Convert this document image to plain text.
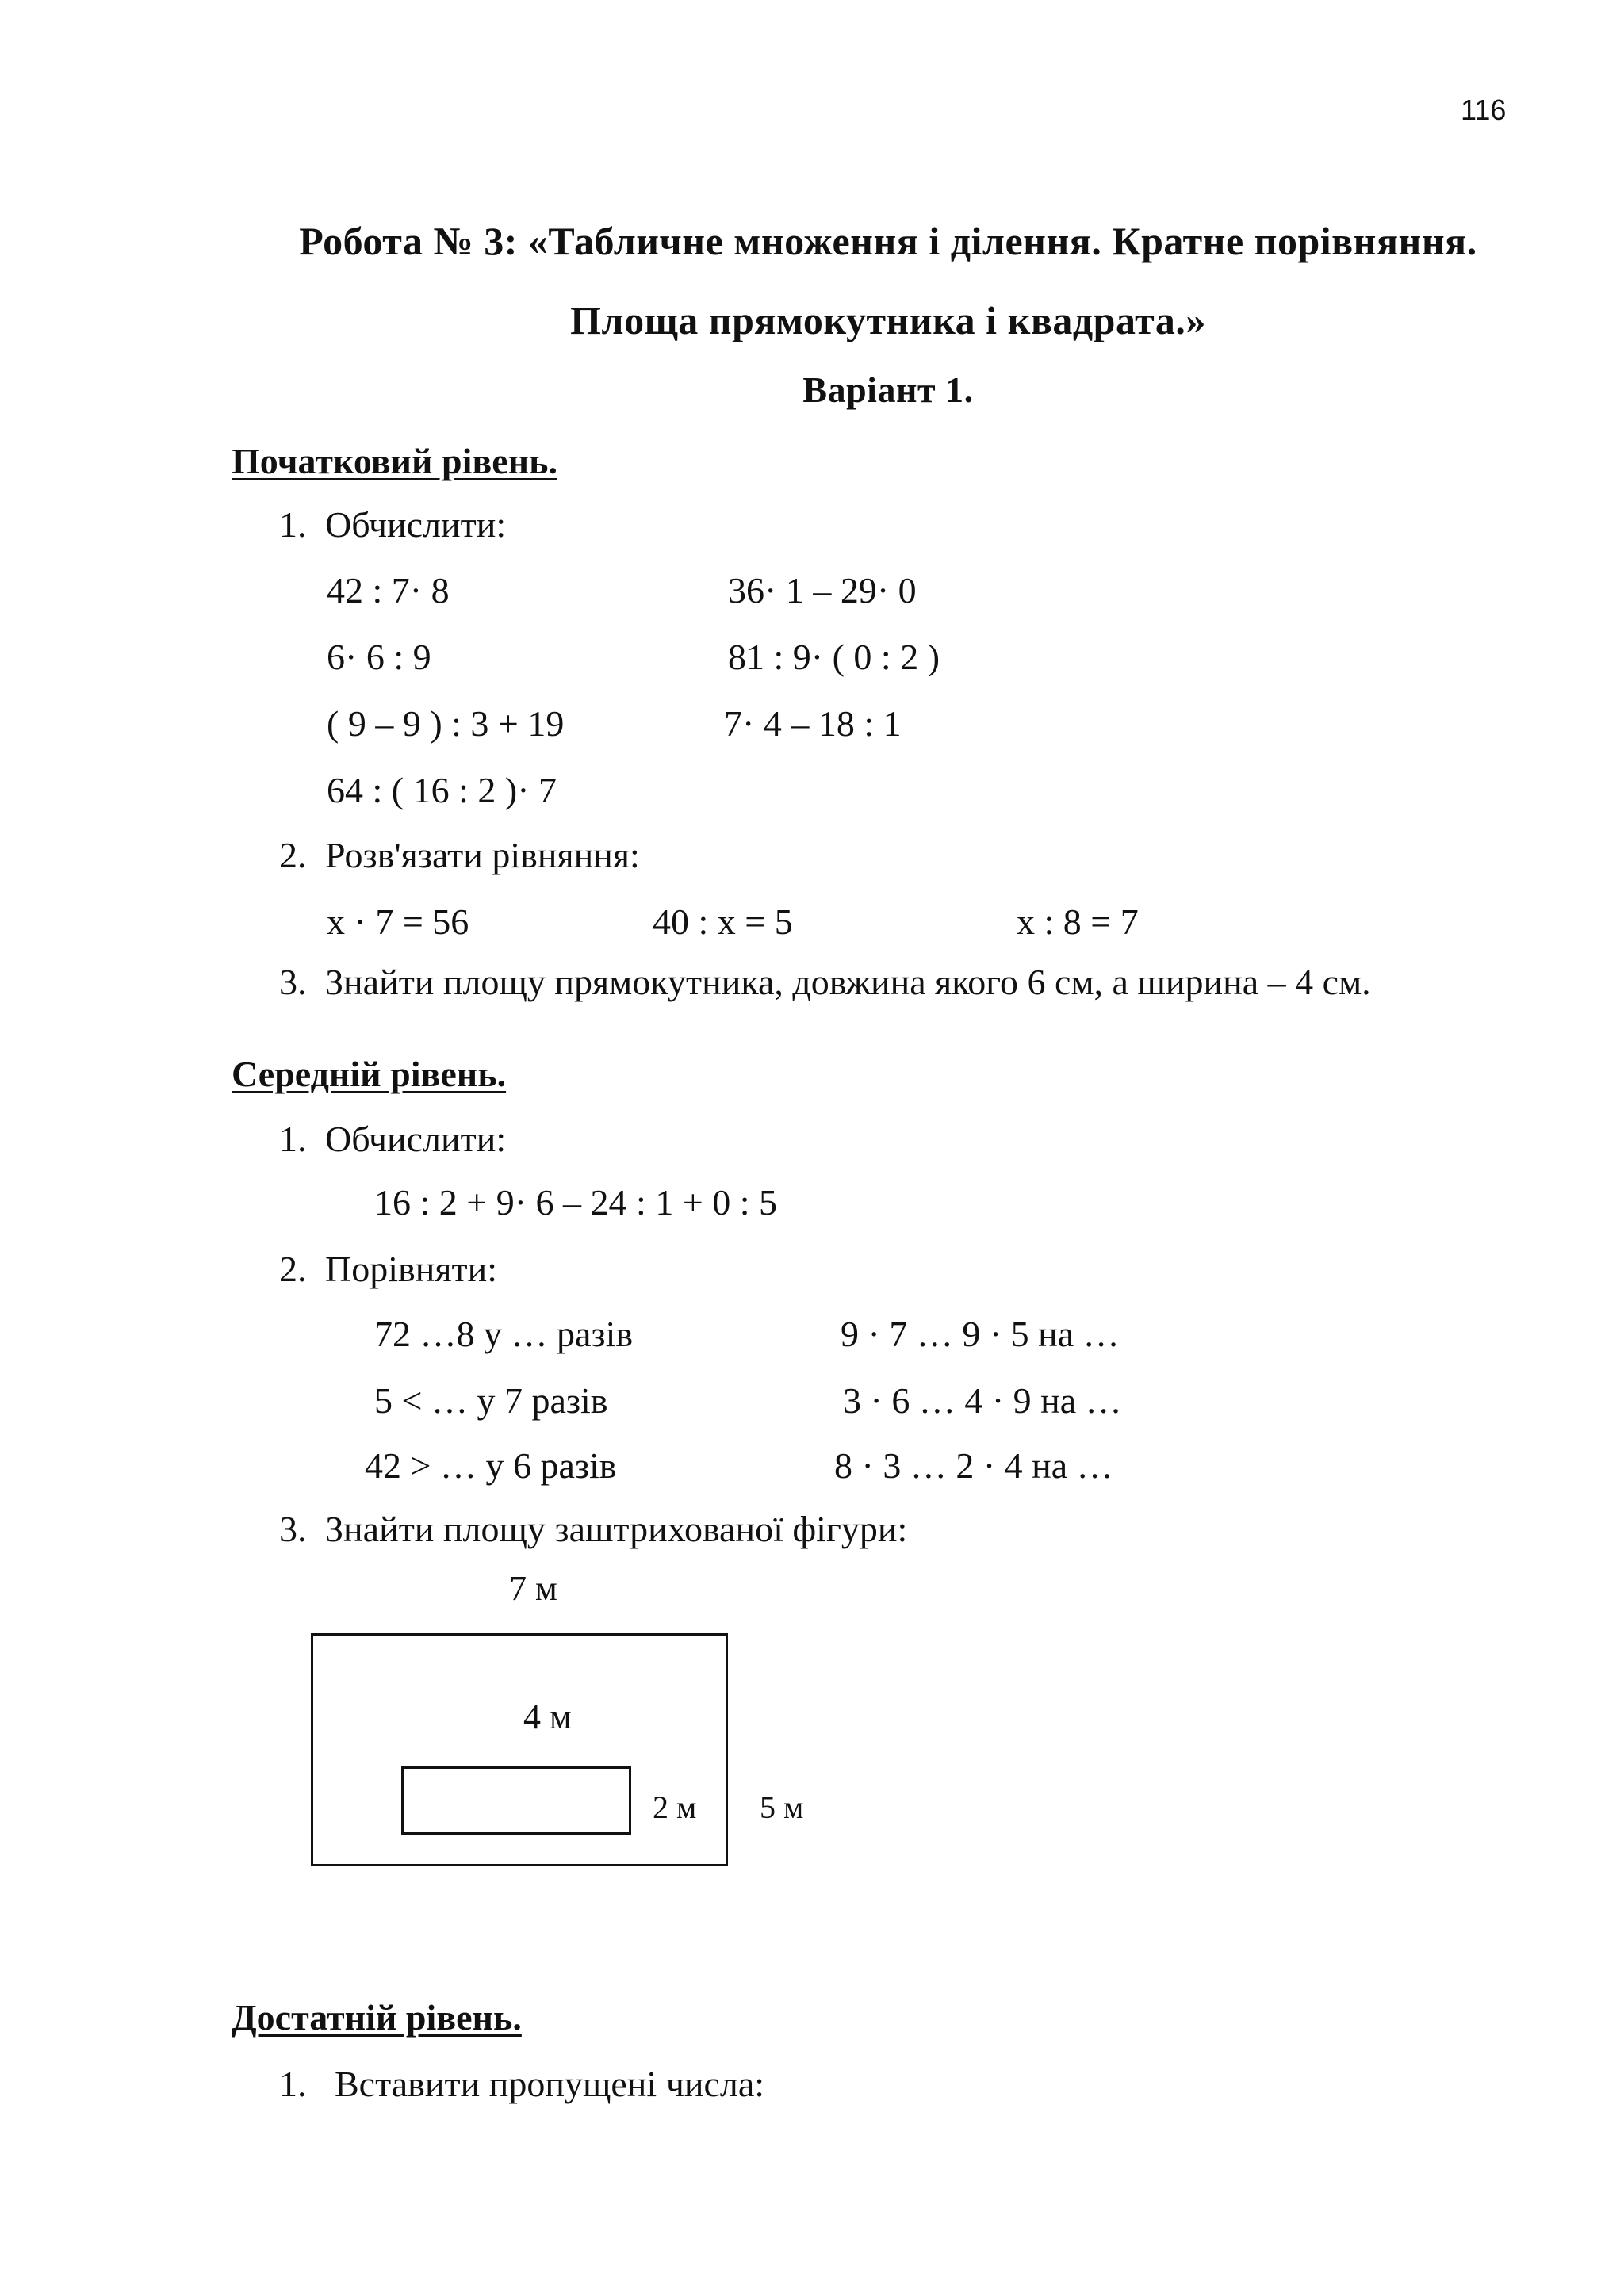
116
Робота № 3: «Табличне множення і ділення. Кратне порівняння.
Площа прямокутника і квадрата.»
Варіант 1.
Початковий рівень.
1. Обчислити:
42 : 7· 8
6· 6 : 9
( 9 – 9 ) : 3 + 19
64 : ( 16 : 2 )· 7
36· 1 – 29· 0
81 : 9· ( 0 : 2 )
7· 4 – 18 : 1
2. Розв'язати рівняння:
x · 7 = 56	40 : x = 5	x : 8 = 7
3. Знайти площу прямокутника, довжина якого 6 см, а ширина – 4 см.
Середній рівень.
1. Обчислити:
16 : 2 + 9· 6 – 24 : 1 + 0 : 5
2. Порівняти:
72 …8 у … разів
5 < … у 7 разів
42 > … у 6 разів
9 · 7 … 9 · 5 на …
3 · 6 … 4 · 9 на …
8 · 3 … 2 · 4 на …
3. Знайти площу заштрихованої фігури:
7 м
4 м
2 м 5 м
Достатній рівень.
1. Вставити пропущені числа:
